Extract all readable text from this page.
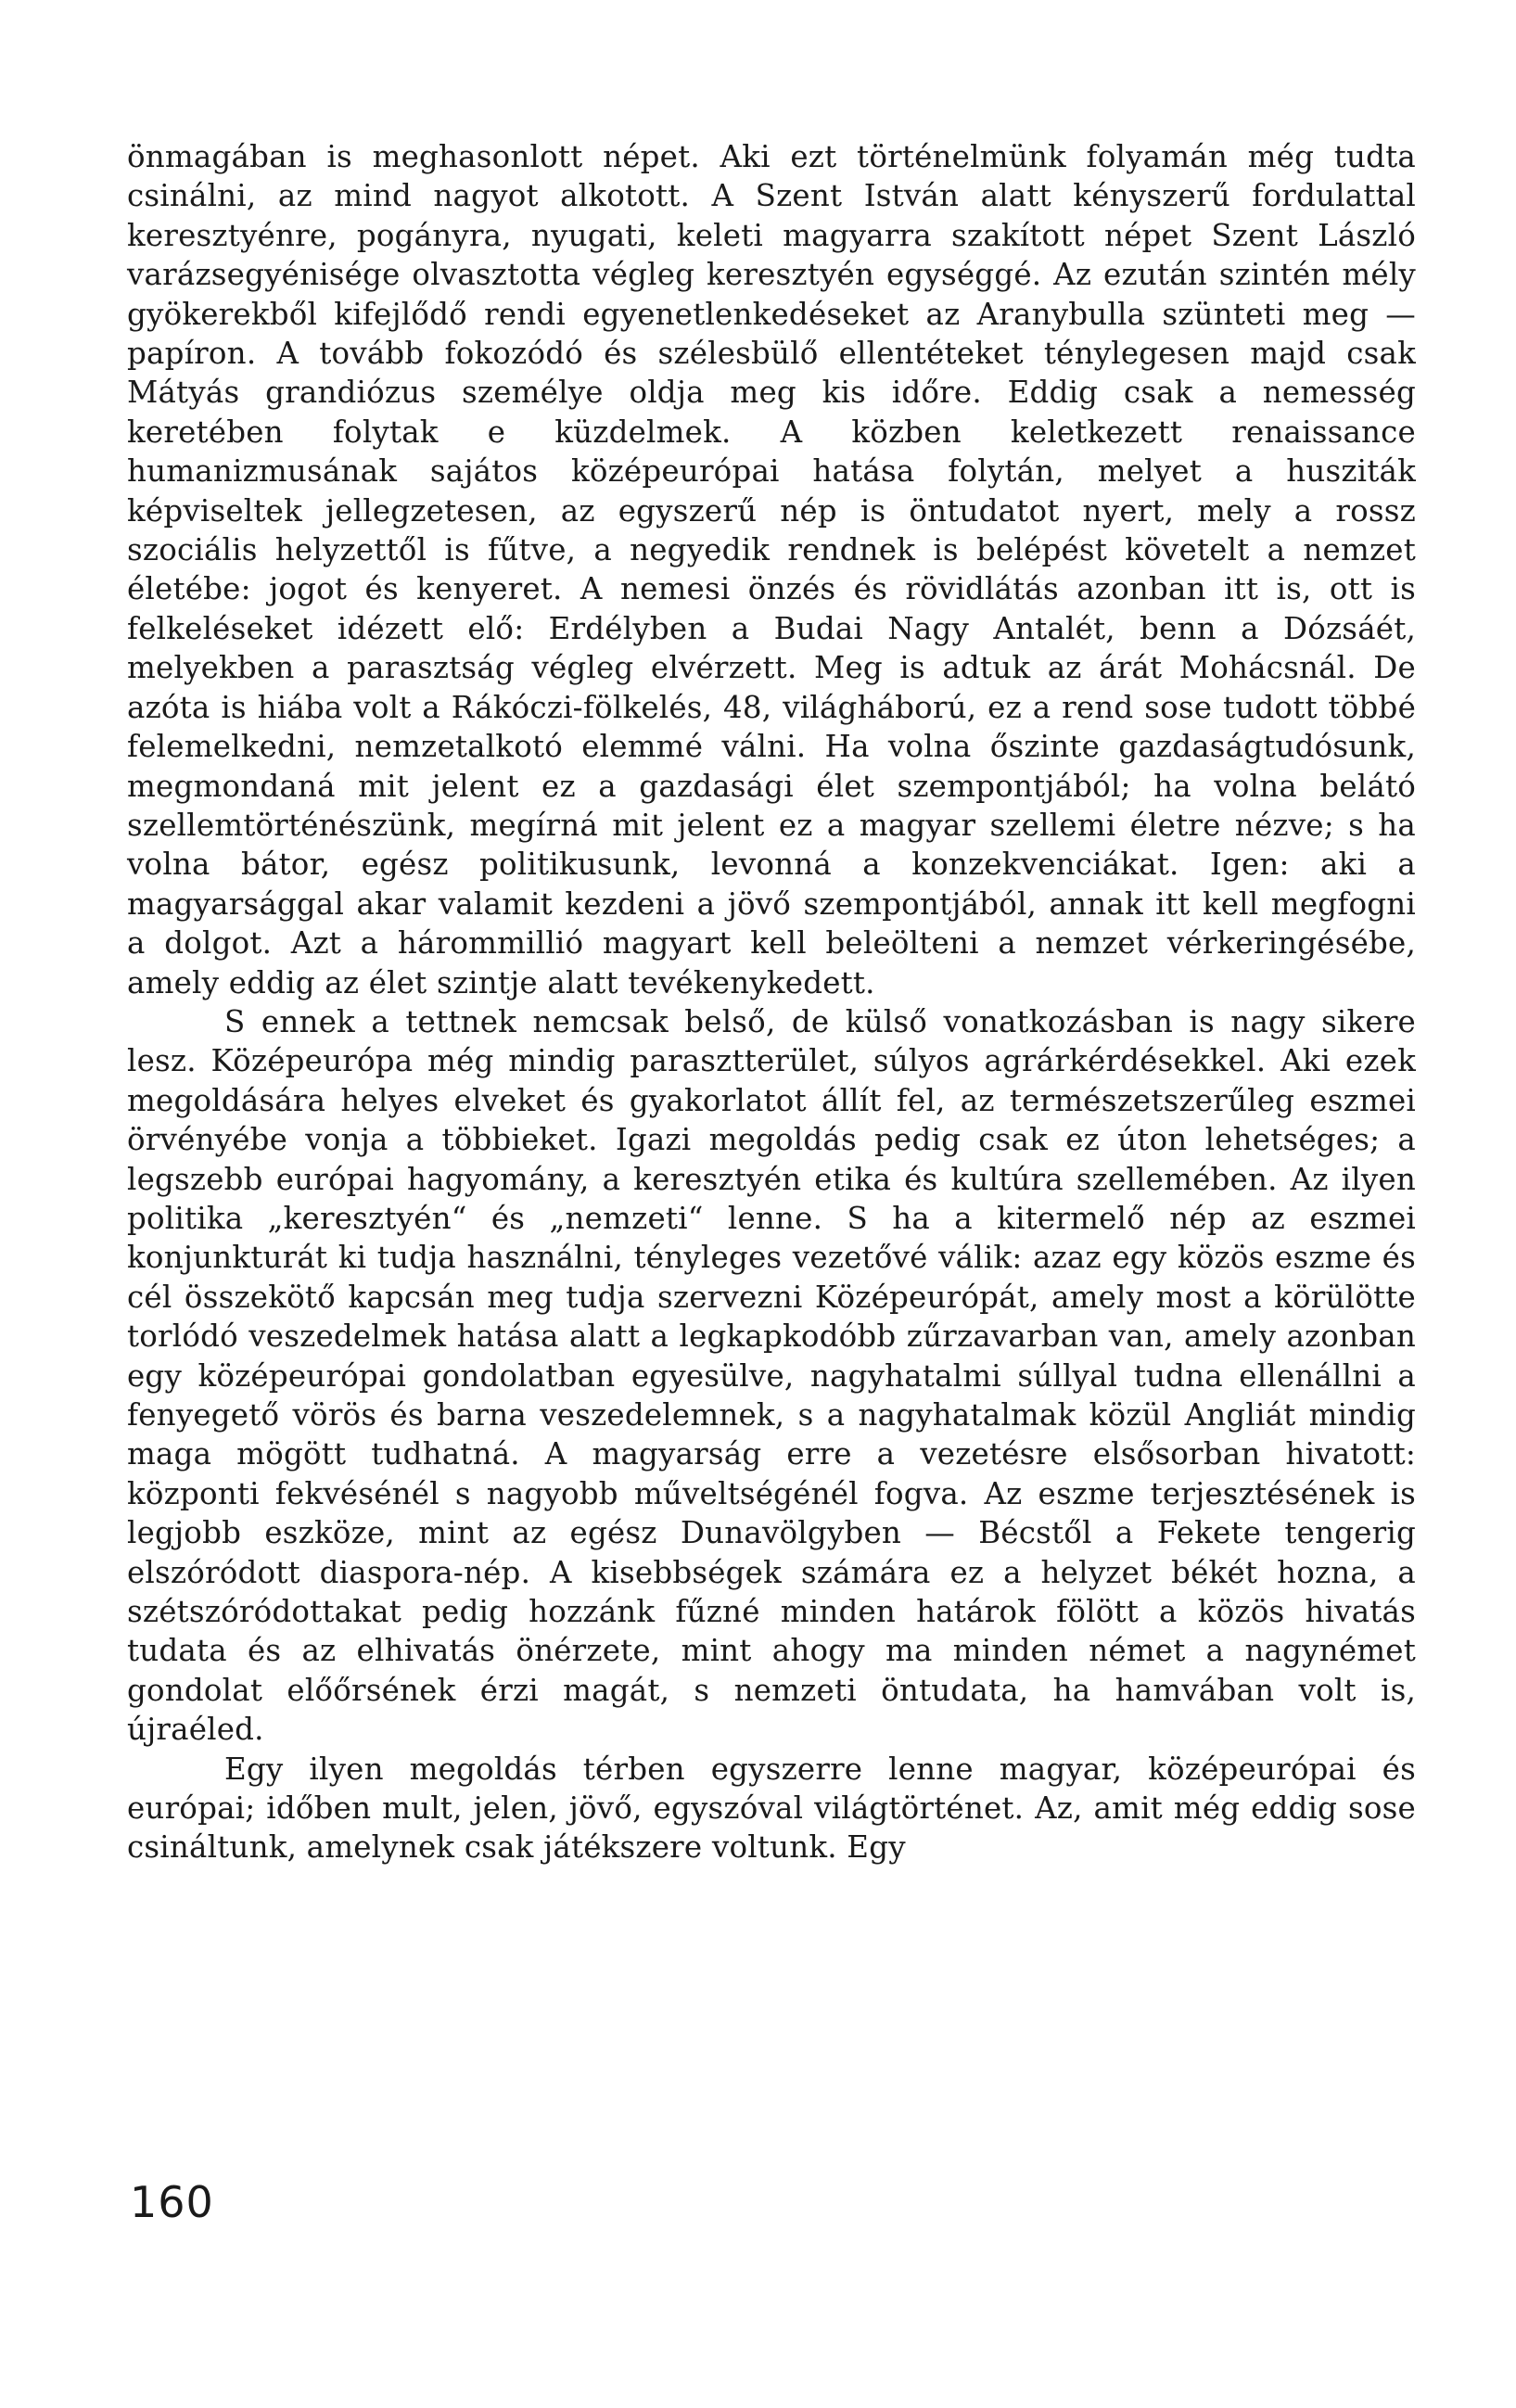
önmagában is meghasonlott népet. Aki ezt történelmünk folyamán még tudta csinálni, az mind nagyot alkotott. A Szent István alatt kényszerű fordulattal keresztyénre, pogányra, nyugati, keleti magyarra szakított népet Szent László varázsegyénisége olvasztotta végleg keresztyén egységgé. Az ezután szintén mély gyökerekből kifejlődő rendi egyenetlenkedéseket az Aranybulla szünteti meg — papíron. A tovább fokozódó és szélesbülő ellentéteket ténylegesen majd csak Mátyás grandiózus személye oldja meg kis időre. Eddig csak a nemesség keretében folytak e küzdelmek. A közben keletkezett renaissance humanizmusának sajátos középeurópai hatása folytán, melyet a husziták képviseltek jellegzetesen, az egyszerű nép is öntudatot nyert, mely a rossz szociális helyzettől is fűtve, a negyedik rendnek is belépést követelt a nemzet életébe: jogot és kenyeret. A nemesi önzés és rövidlátás azonban itt is, ott is felkeléseket idézett elő: Erdélyben a Budai Nagy Antalét, benn a Dózsáét, melyekben a parasztság végleg elvérzett. Meg is adtuk az árát Mohácsnál. De azóta is hiába volt a Rákóczi-fölkelés, 48, világháború, ez a rend sose tudott többé felemelkedni, nemzetalkotó elemmé válni. Ha volna őszinte gazdaságtudósunk, megmondaná mit jelent ez a gazdasági élet szempontjából; ha volna belátó szellemtörténészünk, megírná mit jelent ez a magyar szellemi életre nézve; s ha volna bátor, egész politikusunk, levonná a konzekvenciákat. Igen: aki a magyarsággal akar valamit kezdeni a jövő szempontjából, annak itt kell megfogni a dolgot. Azt a hárommillió magyart kell beleölteni a nemzet vérkeringésébe, amely eddig az élet szintje alatt tevékenykedett.

S ennek a tettnek nemcsak belső, de külső vonatkozásban is nagy sikere lesz. Középeurópa még mindig parasztterület, súlyos agrárkérdésekkel. Aki ezek megoldására helyes elveket és gyakorlatot állít fel, az természetszerűleg eszmei örvényébe vonja a többieket. Igazi megoldás pedig csak ez úton lehetséges; a legszebb európai hagyomány, a keresztyén etika és kultúra szellemében. Az ilyen politika „keresztyén“ és „nemzeti“ lenne. S ha a kitermelő nép az eszmei konjunkturát ki tudja használni, tényleges vezetővé válik: azaz egy közös eszme és cél összekötő kapcsán meg tudja szervezni Középeurópát, amely most a körülötte torlódó veszedelmek hatása alatt a legkapkodóbb zűrzavarban van, amely azonban egy középeurópai gondolatban egyesülve, nagyhatalmi súllyal tudna ellenállni a fenyegető vörös és barna veszedelemnek, s a nagyhatalmak közül Angliát mindig maga mögött tudhatná. A magyarság erre a vezetésre elsősorban hivatott: központi fekvésénél s nagyobb műveltségénél fogva. Az eszme terjesztésének is legjobb eszköze, mint az egész Dunavölgyben — Bécstől a Fekete tengerig elszóródott diaspora-nép. A kisebbségek számára ez a helyzet békét hozna, a szétszóródottakat pedig hozzánk fűzné minden határok fölött a közös hivatás tudata és az elhivatás önérzete, mint ahogy ma minden német a nagynémet gondolat előőrsének érzi magát, s nemzeti öntudata, ha hamvában volt is, újraéled.

Egy ilyen megoldás térben egyszerre lenne magyar, középeurópai és európai; időben mult, jelen, jövő, egyszóval világtörténet. Az, amit még eddig sose csináltunk, amelynek csak játékszere voltunk. Egy

160
